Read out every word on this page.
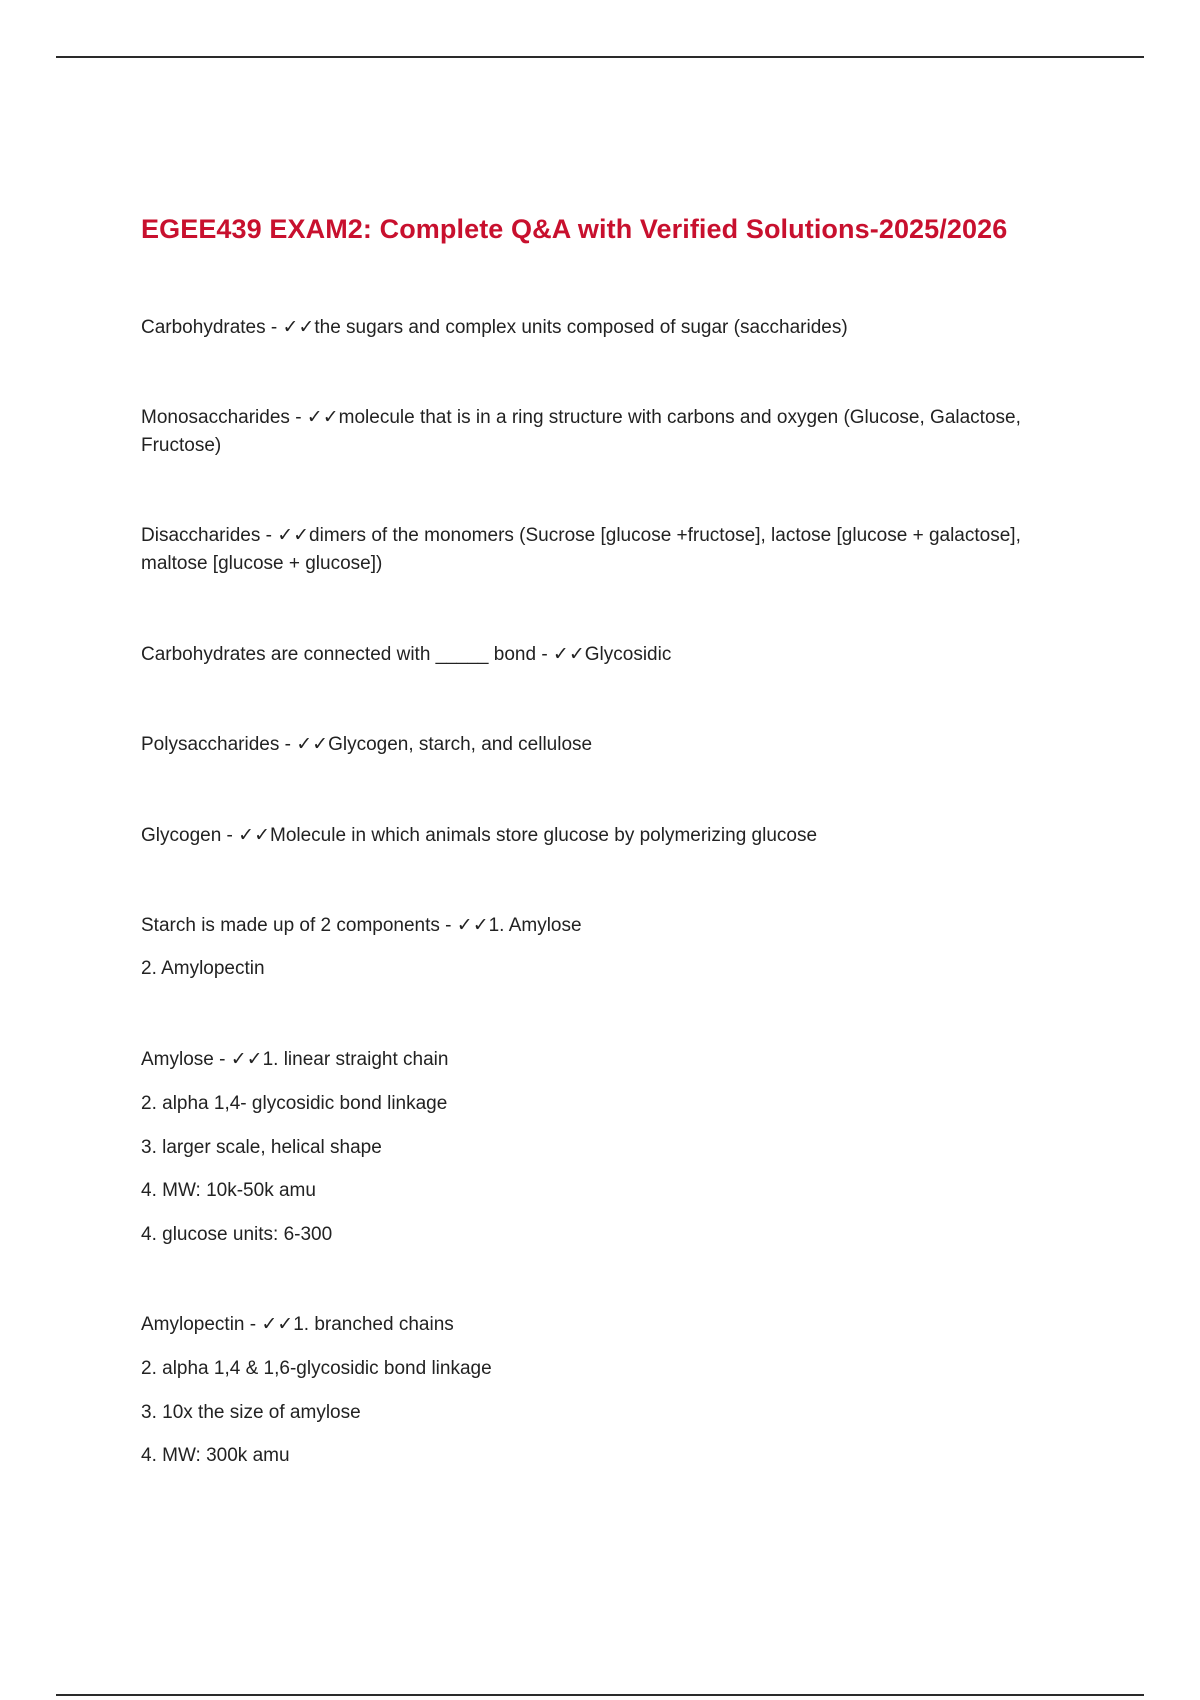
EGEE439 EXAM2: Complete Q&A with Verified Solutions-2025/2026

Carbohydrates - ✓✓the sugars and complex units composed of sugar (saccharides)

Monosaccharides - ✓✓molecule that is in a ring structure with carbons and oxygen (Glucose, Galactose, Fructose)

Disaccharides - ✓✓dimers of the monomers (Sucrose [glucose +fructose], lactose [glucose + galactose], maltose [glucose + glucose])

Carbohydrates are connected with _____ bond - ✓✓Glycosidic

Polysaccharides - ✓✓Glycogen, starch, and cellulose

Glycogen - ✓✓Molecule in which animals store glucose by polymerizing glucose

Starch is made up of 2 components - ✓✓1. Amylose

2. Amylopectin

Amylose - ✓✓1. linear straight chain

2. alpha 1,4- glycosidic bond linkage

3. larger scale, helical shape

4. MW: 10k-50k amu

4. glucose units: 6-300

Amylopectin - ✓✓1. branched chains

2. alpha 1,4 & 1,6-glycosidic bond linkage

3. 10x the size of amylose

4. MW: 300k amu
